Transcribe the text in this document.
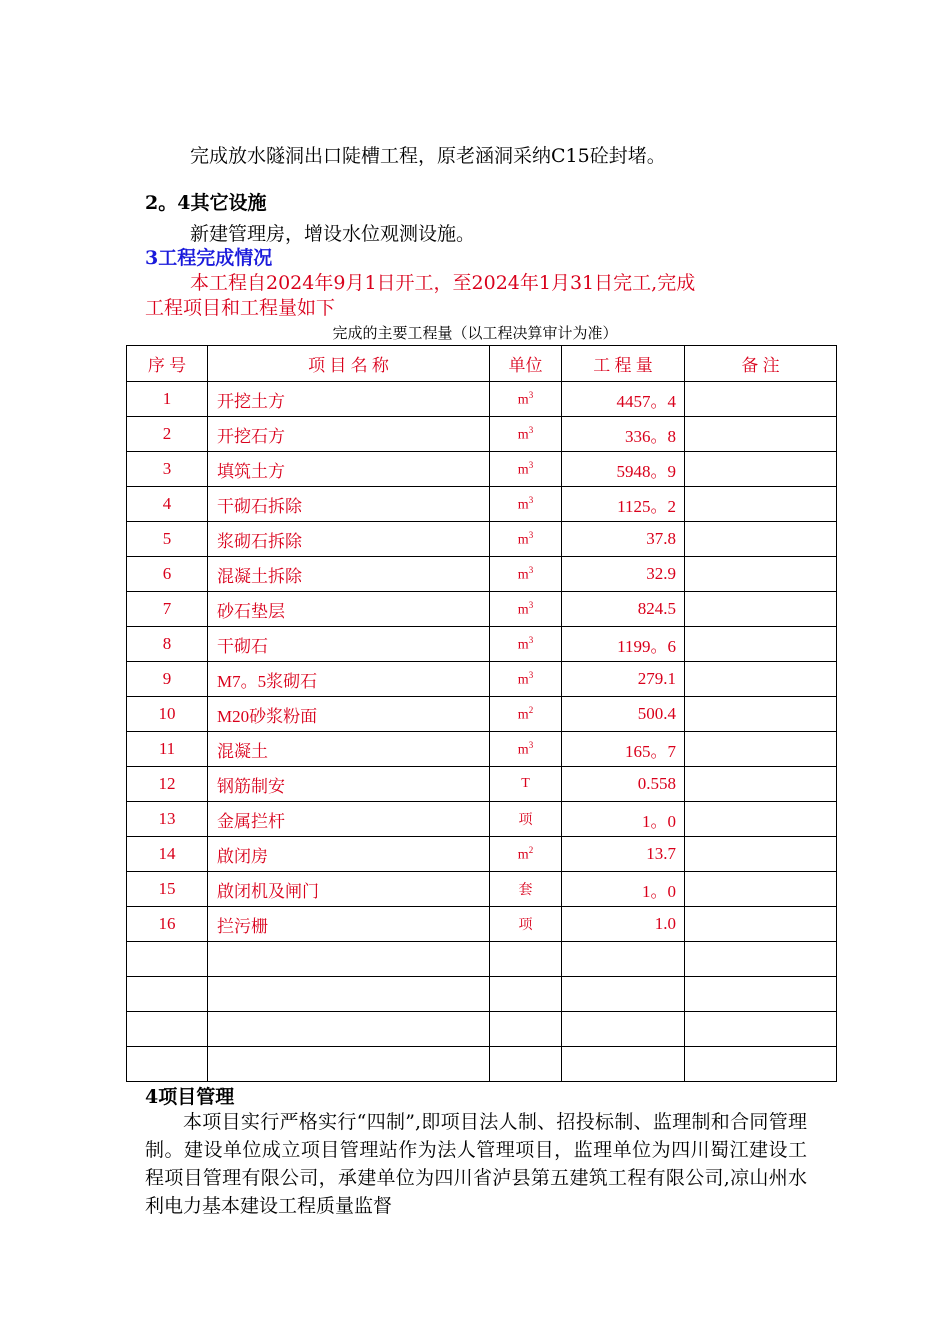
完成放水隧洞出口陡槽工程，原老涵洞采纳C15砼封堵。
2。4其它设施
新建管理房，增设水位观测设施。
3工程完成情况
本工程自2024年9月1日开工，至2024年1月31日完工,完成
工程项目和工程量如下
完成的主要工程量（以工程决算审计为准）
序 号	项 目 名 称	单位	工 程 量	备 注
1	开挖土方	$m^3$	4457。4	
2	开挖石方	$m^3$	336。8	
3	填筑土方	$m^3$	5948。9	
4	干砌石拆除	$m^3$	1125。2	
5	浆砌石拆除	$m^3$	37.8	
6	混凝土拆除	$m^3$	32.9	
7	砂石垫层	$m^3$	824.5	
8	干砌石	$m^3$	1199。6	
9	M7。5浆砌石	$m^3$	279.1	
10	M20砂浆粉面	$m^2$	500.4	
11	混凝土	$m^3$	165。7	
12	钢筋制安	T	0.558	
13	金属拦杆	项	1。0	
14	啟闭房	$m^2$	13.7	
15	啟闭机及闸门	套	1。0	
16	拦污栅	项	1.0	

4项目管理
本项目实行严格实行“四制”,即项目法人制、招投标制、监理制和合同管理制。建设单位成立项目管理站作为法人管理项目，监理单位为四川蜀江建设工程项目管理有限公司，承建单位为四川省泸县第五建筑工程有限公司,凉山州水利电力基本建设工程质量监督
